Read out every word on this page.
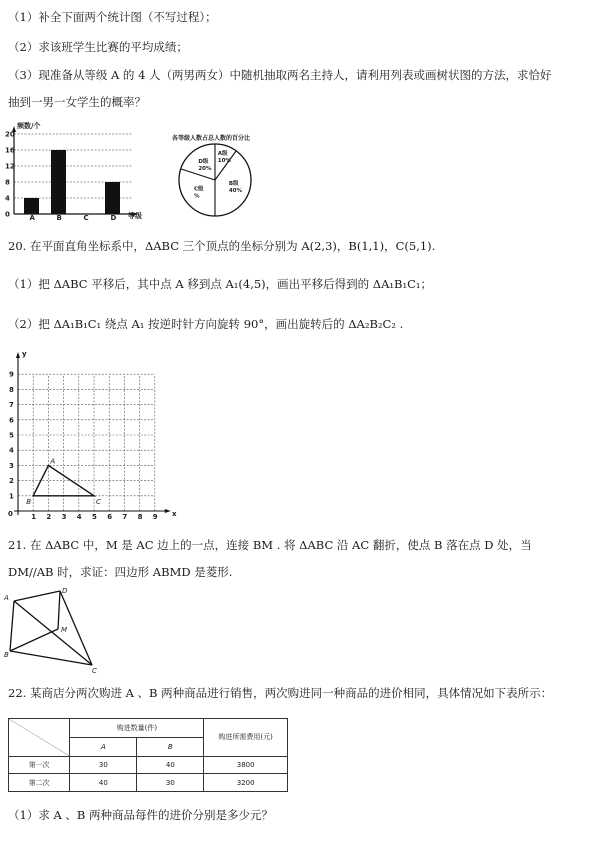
（1）补全下面两个统计图（不写过程）；
（2）求该班学生比赛的平均成绩；
（3）现准备从等级 A 的 4 人（两男两女）中随机抽取两名主持人，请利用列表或画树状图的方法，求恰好
抽到一男一女学生的概率？
频数/个
等级
0
4
8
12
16
20
A	B	C	D
各等级人数占总人数的百分比
A级
10%
B级
40%
C级
%
D级
20%
20. 在平面直角坐标系中，ΔABC 三个顶点的坐标分别为 A(2,3)，B(1,1)，C(5,1).
（1）把 ΔABC 平移后，其中点 A 移到点 A₁(4,5)，画出平移后得到的 ΔA₁B₁C₁；
（2）把 ΔA₁B₁C₁ 绕点 A₁ 按逆时针方向旋转 90°，画出旋转后的 ΔA₂B₂C₂ .
1
1
2
2
3
3
4
4
5
5
6
6
7
7
8
8
9
9
y
x
0
A
B	C
21. 在 ΔABC 中，M 是 AC 边上的一点，连接 BM . 将 ΔABC 沿 AC 翻折，使点 B 落在点 D 处，当
DM//AB 时，求证：四边形 ABMD 是菱形.
A
B
C
D
M
22. 某商店分两次购进 A 、B 两种商品进行销售，两次购进同一种商品的进价相同，具体情况如下表所示：
	购进数量(件)		购进所需费用(元)
	A	B	
第一次	30	40	3800
第二次	40	30	3200
（1）求 A 、B 两种商品每件的进价分别是多少元？
